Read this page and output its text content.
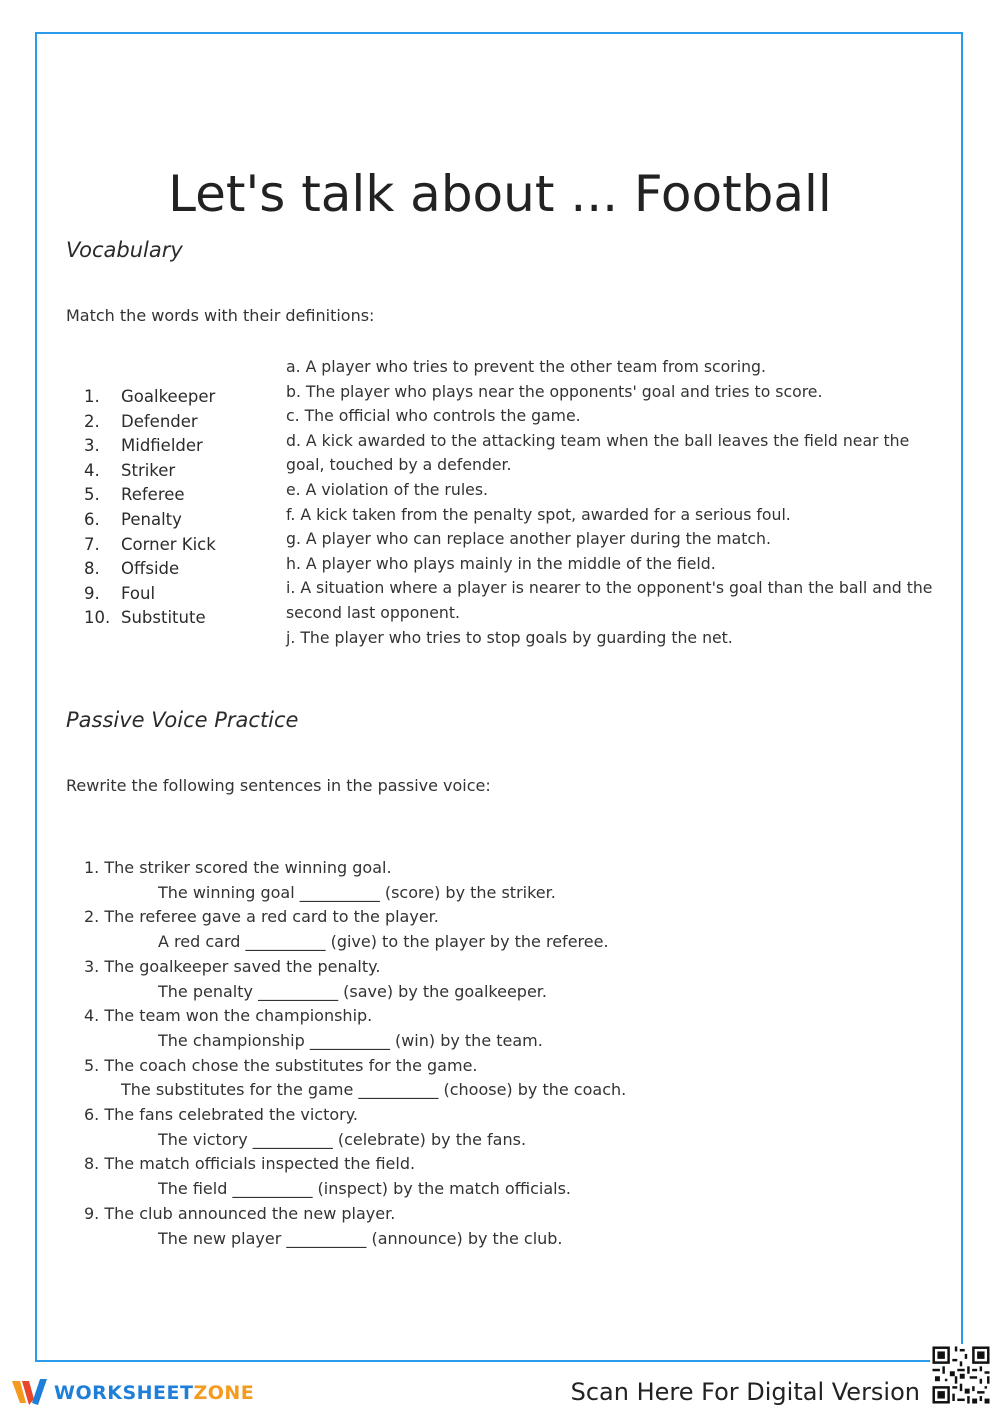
Let's talk about ... Football
Vocabulary
Match the words with their definitions:
1.	Goalkeeper
2.	Defender
3.	Midfielder
4.	Striker
5.	Referee
6.	Penalty
7.	Corner Kick
8.	Offside
9.	Foul
10. Substitute
a. A player who tries to prevent the other team from scoring.
b. The player who plays near the opponents' goal and tries to score.
c. The official who controls the game.
d. A kick awarded to the attacking team when the ball leaves the field near the goal, touched by a defender.
e. A violation of the rules.
f. A kick taken from the penalty spot, awarded for a serious foul.
g. A player who can replace another player during the match.
h. A player who plays mainly in the middle of the field.
i. A situation where a player is nearer to the opponent's goal than the ball and the second last opponent.
j. The player who tries to stop goals by guarding the net.
Passive Voice Practice
Rewrite the following sentences in the passive voice:
1. The striker scored the winning goal.
The winning goal __________ (score) by the striker.
2. The referee gave a red card to the player.
A red card __________ (give) to the player by the referee.
3. The goalkeeper saved the penalty.
The penalty __________ (save) by the goalkeeper.
4. The team won the championship.
The championship __________ (win) by the team.
5. The coach chose the substitutes for the game.
The substitutes for the game __________ (choose) by the coach.
6. The fans celebrated the victory.
The victory __________ (celebrate) by the fans.
8. The match officials inspected the field.
The field __________ (inspect) by the match officials.
9. The club announced the new player.
The new player __________ (announce) by the club.
WORKSHEETZONE	Scan Here For Digital Version
